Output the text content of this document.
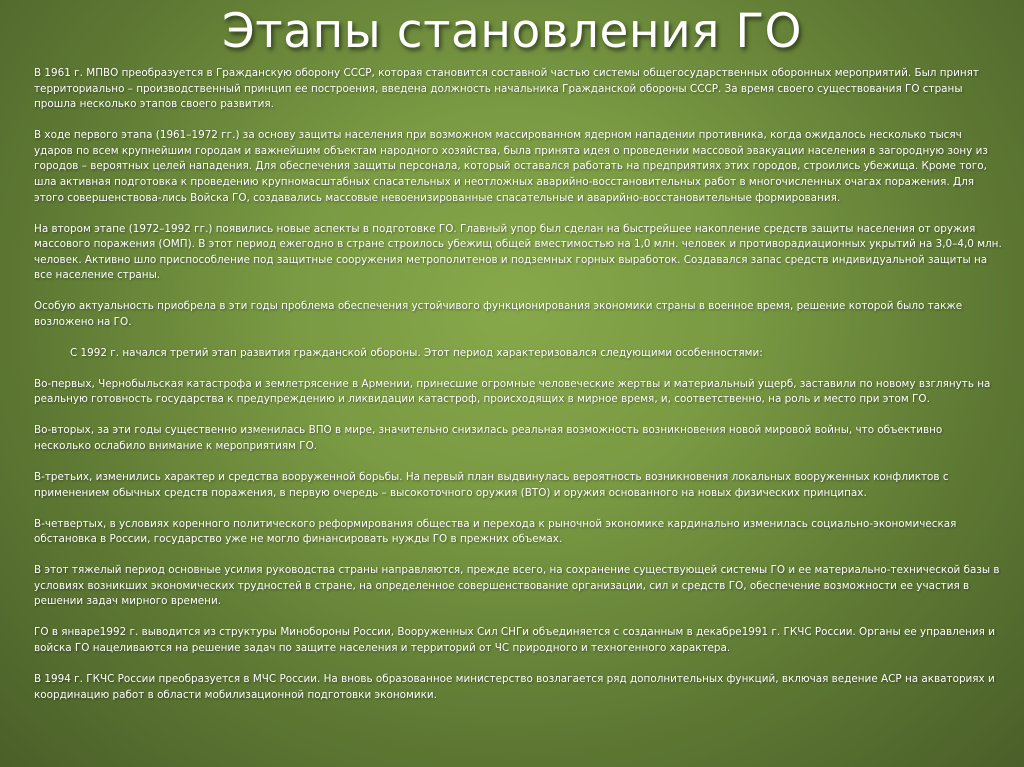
Этапы становления ГО

В 1961 г. МПВО преобразуется в Гражданскую оборону СССР, которая становится составной частью системы общегосударственных оборонных мероприятий. Был принят территориально – производственный принцип ее построения, введена должность начальника Гражданской обороны СССР. За время своего существования ГО страны прошла несколько этапов своего развития.

В ходе первого этапа (1961–1972 гг.) за основу защиты населения при возможном массированном ядерном нападении противника, когда ожидалось несколько тысяч ударов по всем крупнейшим городам и важнейшим объектам народного хозяйства, была принята идея о проведении массовой эвакуации населения в загородную зону из городов – вероятных целей нападения. Для обеспечения защиты персонала, который оставался работать на предприятиях этих городов, строились убежища. Кроме того, шла активная подготовка к проведению крупномасштабных спасательных и неотложных аварийно-восстановительных работ в многочисленных очагах поражения. Для этого совершенствова-лись Войска ГО, создавались массовые невоенизированные спасательные и аварийно-восстановительные формирования.

На втором этапе (1972–1992 гг.) появились новые аспекты в подготовке ГО. Главный упор был сделан на быстрейшее накопление средств защиты населения от оружия массового поражения (ОМП). В этот период ежегодно в стране строилось убежищ общей вместимостью на 1,0 млн. человек и противорадиационных укрытий на 3,0–4,0 млн. человек. Активно шло приспособление под защитные сооружения метрополитенов и подземных горных выработок. Создавался запас средств индивидуальной защиты на все население страны.

Особую актуальность приобрела в эти годы проблема обеспечения устойчивого функционирования экономики страны в военное время, решение которой было также возложено на ГО.

С 1992 г. начался третий этап развития гражданской обороны. Этот период характеризовался следующими особенностями:

Во-первых, Чернобыльская катастрофа и землетрясение в Армении, принесшие огромные человеческие жертвы и материальный ущерб, заставили по новому взглянуть на реальную готовность государства к предупреждению и ликвидации катастроф, происходящих в мирное время, и, соответственно, на роль и место при этом ГО.

Во-вторых, за эти годы существенно изменилась ВПО в мире, значительно снизилась реальная возможность возникновения новой мировой войны, что объективно несколько ослабило внимание к мероприятиям ГО.

В-третьих, изменились характер и средства вооруженной борьбы. На первый план выдвинулась вероятность возникновения локальных вооруженных конфликтов с применением обычных средств поражения, в первую очередь – высокоточного оружия (ВТО) и оружия основанного на новых физических принципах.

В-четвертых, в условиях коренного политического реформирования общества и перехода к рыночной экономике кардинально изменилась социально-экономическая обстановка в России, государство уже не могло финансировать нужды ГО в прежних объемах.

В этот тяжелый период основные усилия руководства страны направляются, прежде всего, на сохранение существующей системы ГО и ее материально-технической базы в условиях возникших экономических трудностей в стране, на определенное совершенствование организации, сил и средств ГО, обеспечение возможности ее участия в решении задач мирного времени.

ГО в январе1992 г. выводится из структуры Минобороны России, Вооруженных Сил СНГи объединяется с созданным в декабре1991 г. ГКЧС России. Органы ее управления и войска ГО нацеливаются на решение задач по защите населения и территорий от ЧС природного и техногенного характера.

В 1994 г. ГКЧС России преобразуется в МЧС России. На вновь образованное министерство возлагается ряд дополнительных функций, включая ведение АСР на акваториях и координацию работ в области мобилизационной подготовки экономики.
